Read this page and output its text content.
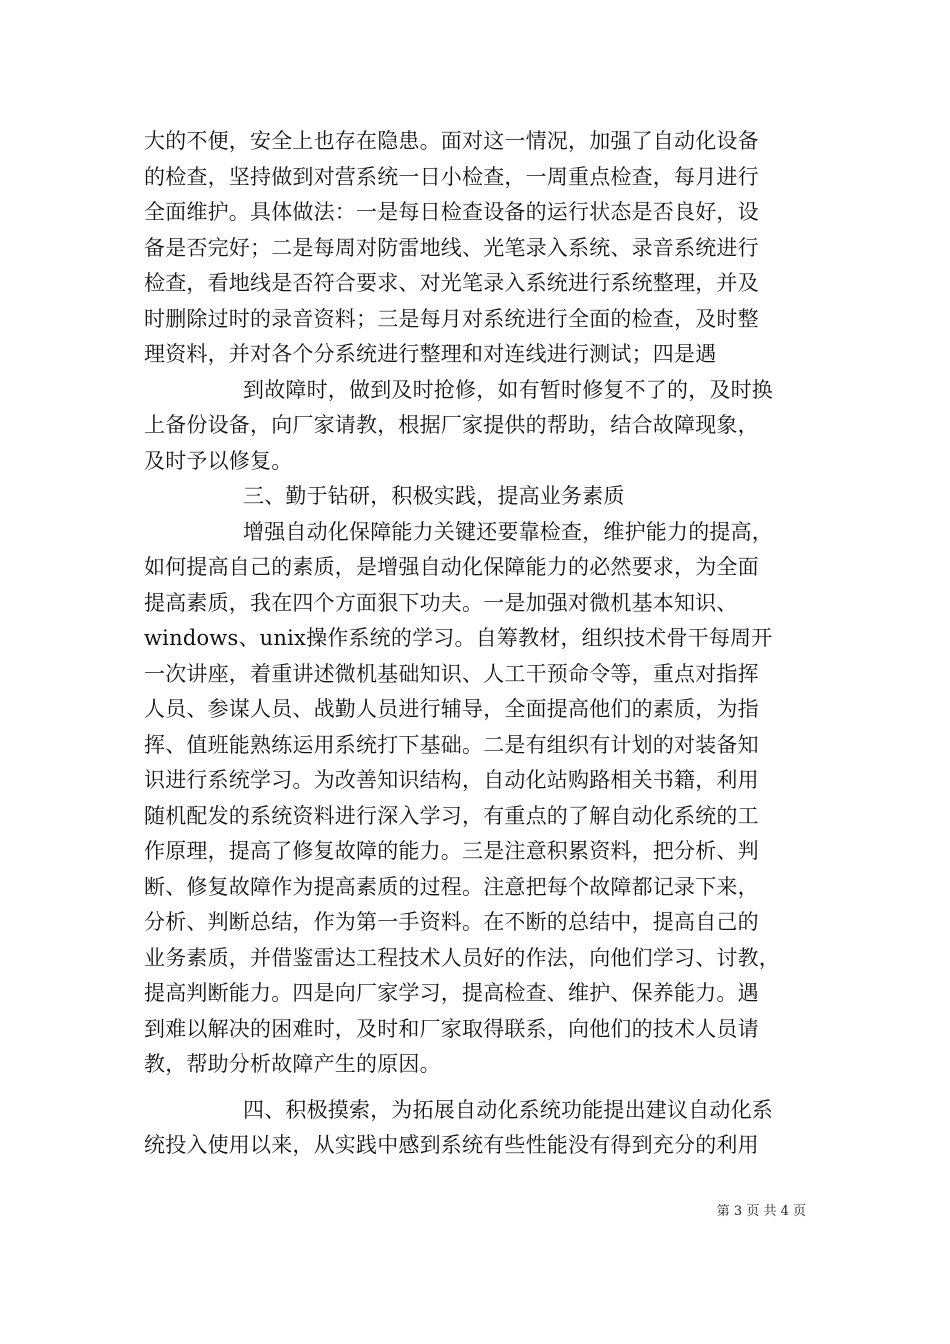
大的不便，安全上也存在隐患。面对这一情况，加强了自动化设备
的检查，坚持做到对营系统一日小检查，一周重点检查，每月进行
全面维护。具体做法：一是每日检查设备的运行状态是否良好，设
备是否完好；二是每周对防雷地线、光笔录入系统、录音系统进行
检查，看地线是否符合要求、对光笔录入系统进行系统整理，并及
时删除过时的录音资料；三是每月对系统进行全面的检查，及时整
理资料，并对各个分系统进行整理和对连线进行测试；四是遇
到故障时，做到及时抢修，如有暂时修复不了的，及时换
上备份设备，向厂家请教，根据厂家提供的帮助，结合故障现象，
及时予以修复。
三、勤于钻研，积极实践，提高业务素质
增强自动化保障能力关键还要靠检查，维护能力的提高，
如何提高自己的素质，是增强自动化保障能力的必然要求，为全面
提高素质，我在四个方面狠下功夫。一是加强对微机基本知识、
windows、unix操作系统的学习。自筹教材，组织技术骨干每周开
一次讲座，着重讲述微机基础知识、人工干预命令等，重点对指挥
人员、参谋人员、战勤人员进行辅导，全面提高他们的素质，为指
挥、值班能熟练运用系统打下基础。二是有组织有计划的对装备知
识进行系统学习。为改善知识结构，自动化站购路相关书籍，利用
随机配发的系统资料进行深入学习，有重点的了解自动化系统的工
作原理，提高了修复故障的能力。三是注意积累资料，把分析、判
断、修复故障作为提高素质的过程。注意把每个故障都记录下来，
分析、判断总结，作为第一手资料。在不断的总结中，提高自己的
业务素质，并借鉴雷达工程技术人员好的作法，向他们学习、讨教，
提高判断能力。四是向厂家学习，提高检查、维护、保养能力。遇
到难以解决的困难时，及时和厂家取得联系，向他们的技术人员请
教，帮助分析故障产生的原因。
四、积极摸索，为拓展自动化系统功能提出建议自动化系
统投入使用以来，从实践中感到系统有些性能没有得到充分的利用
第 3 页 共 4 页
